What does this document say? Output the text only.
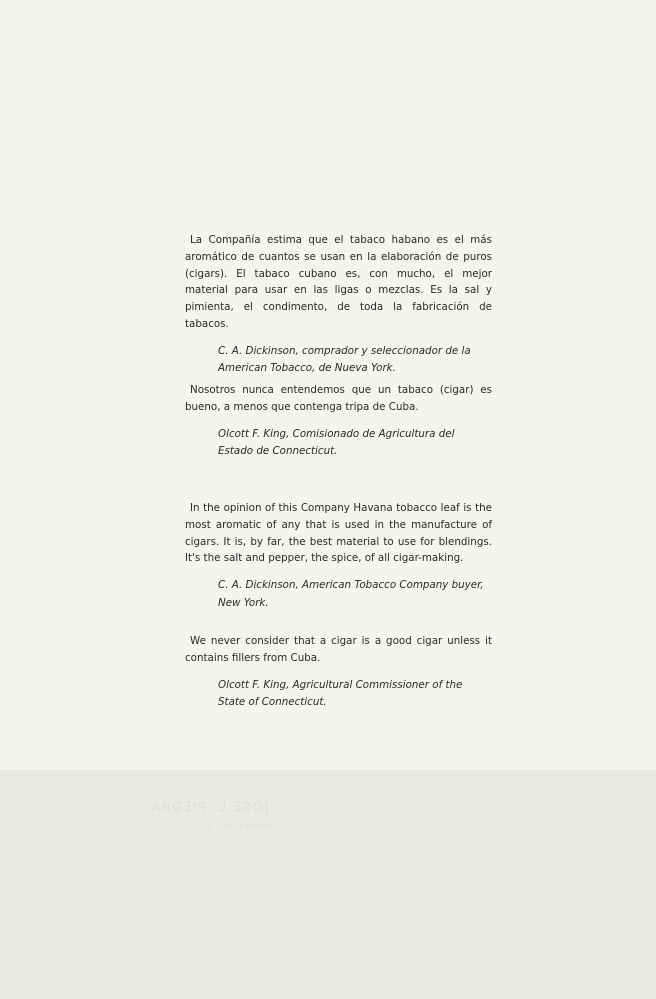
JOSE L. PIEDRA
PUROS No. 1

La Compañía estima que el tabaco habano es el más aromático de cuantos se usan en la elaboración de puros (cigars). El tabaco cubano es, con mucho, el mejor material para usar en las ligas o mezclas. Es la sal y pimienta, el condimento, de toda la fabricación de tabacos.

C. A. Dickinson, comprador y seleccionador de la
American Tobacco, de Nueva York.

Nosotros nunca entendemos que un tabaco (cigar) es bueno, a menos que contenga tripa de Cuba.

Olcott F. King, Comisionado de Agricultura del
Estado de Connecticut.

In the opinion of this Company Havana tobacco leaf is the most aromatic of any that is used in the manufacture of cigars. It is, by far, the best material to use for blendings. It's the salt and pepper, the spice, of all cigar-making.

C. A. Dickinson, American Tobacco Company buyer,
New York.

We never consider that a cigar is a good cigar unless it contains fillers from Cuba.

Olcott F. King, Agricultural Commissioner of the
State of Connecticut.
